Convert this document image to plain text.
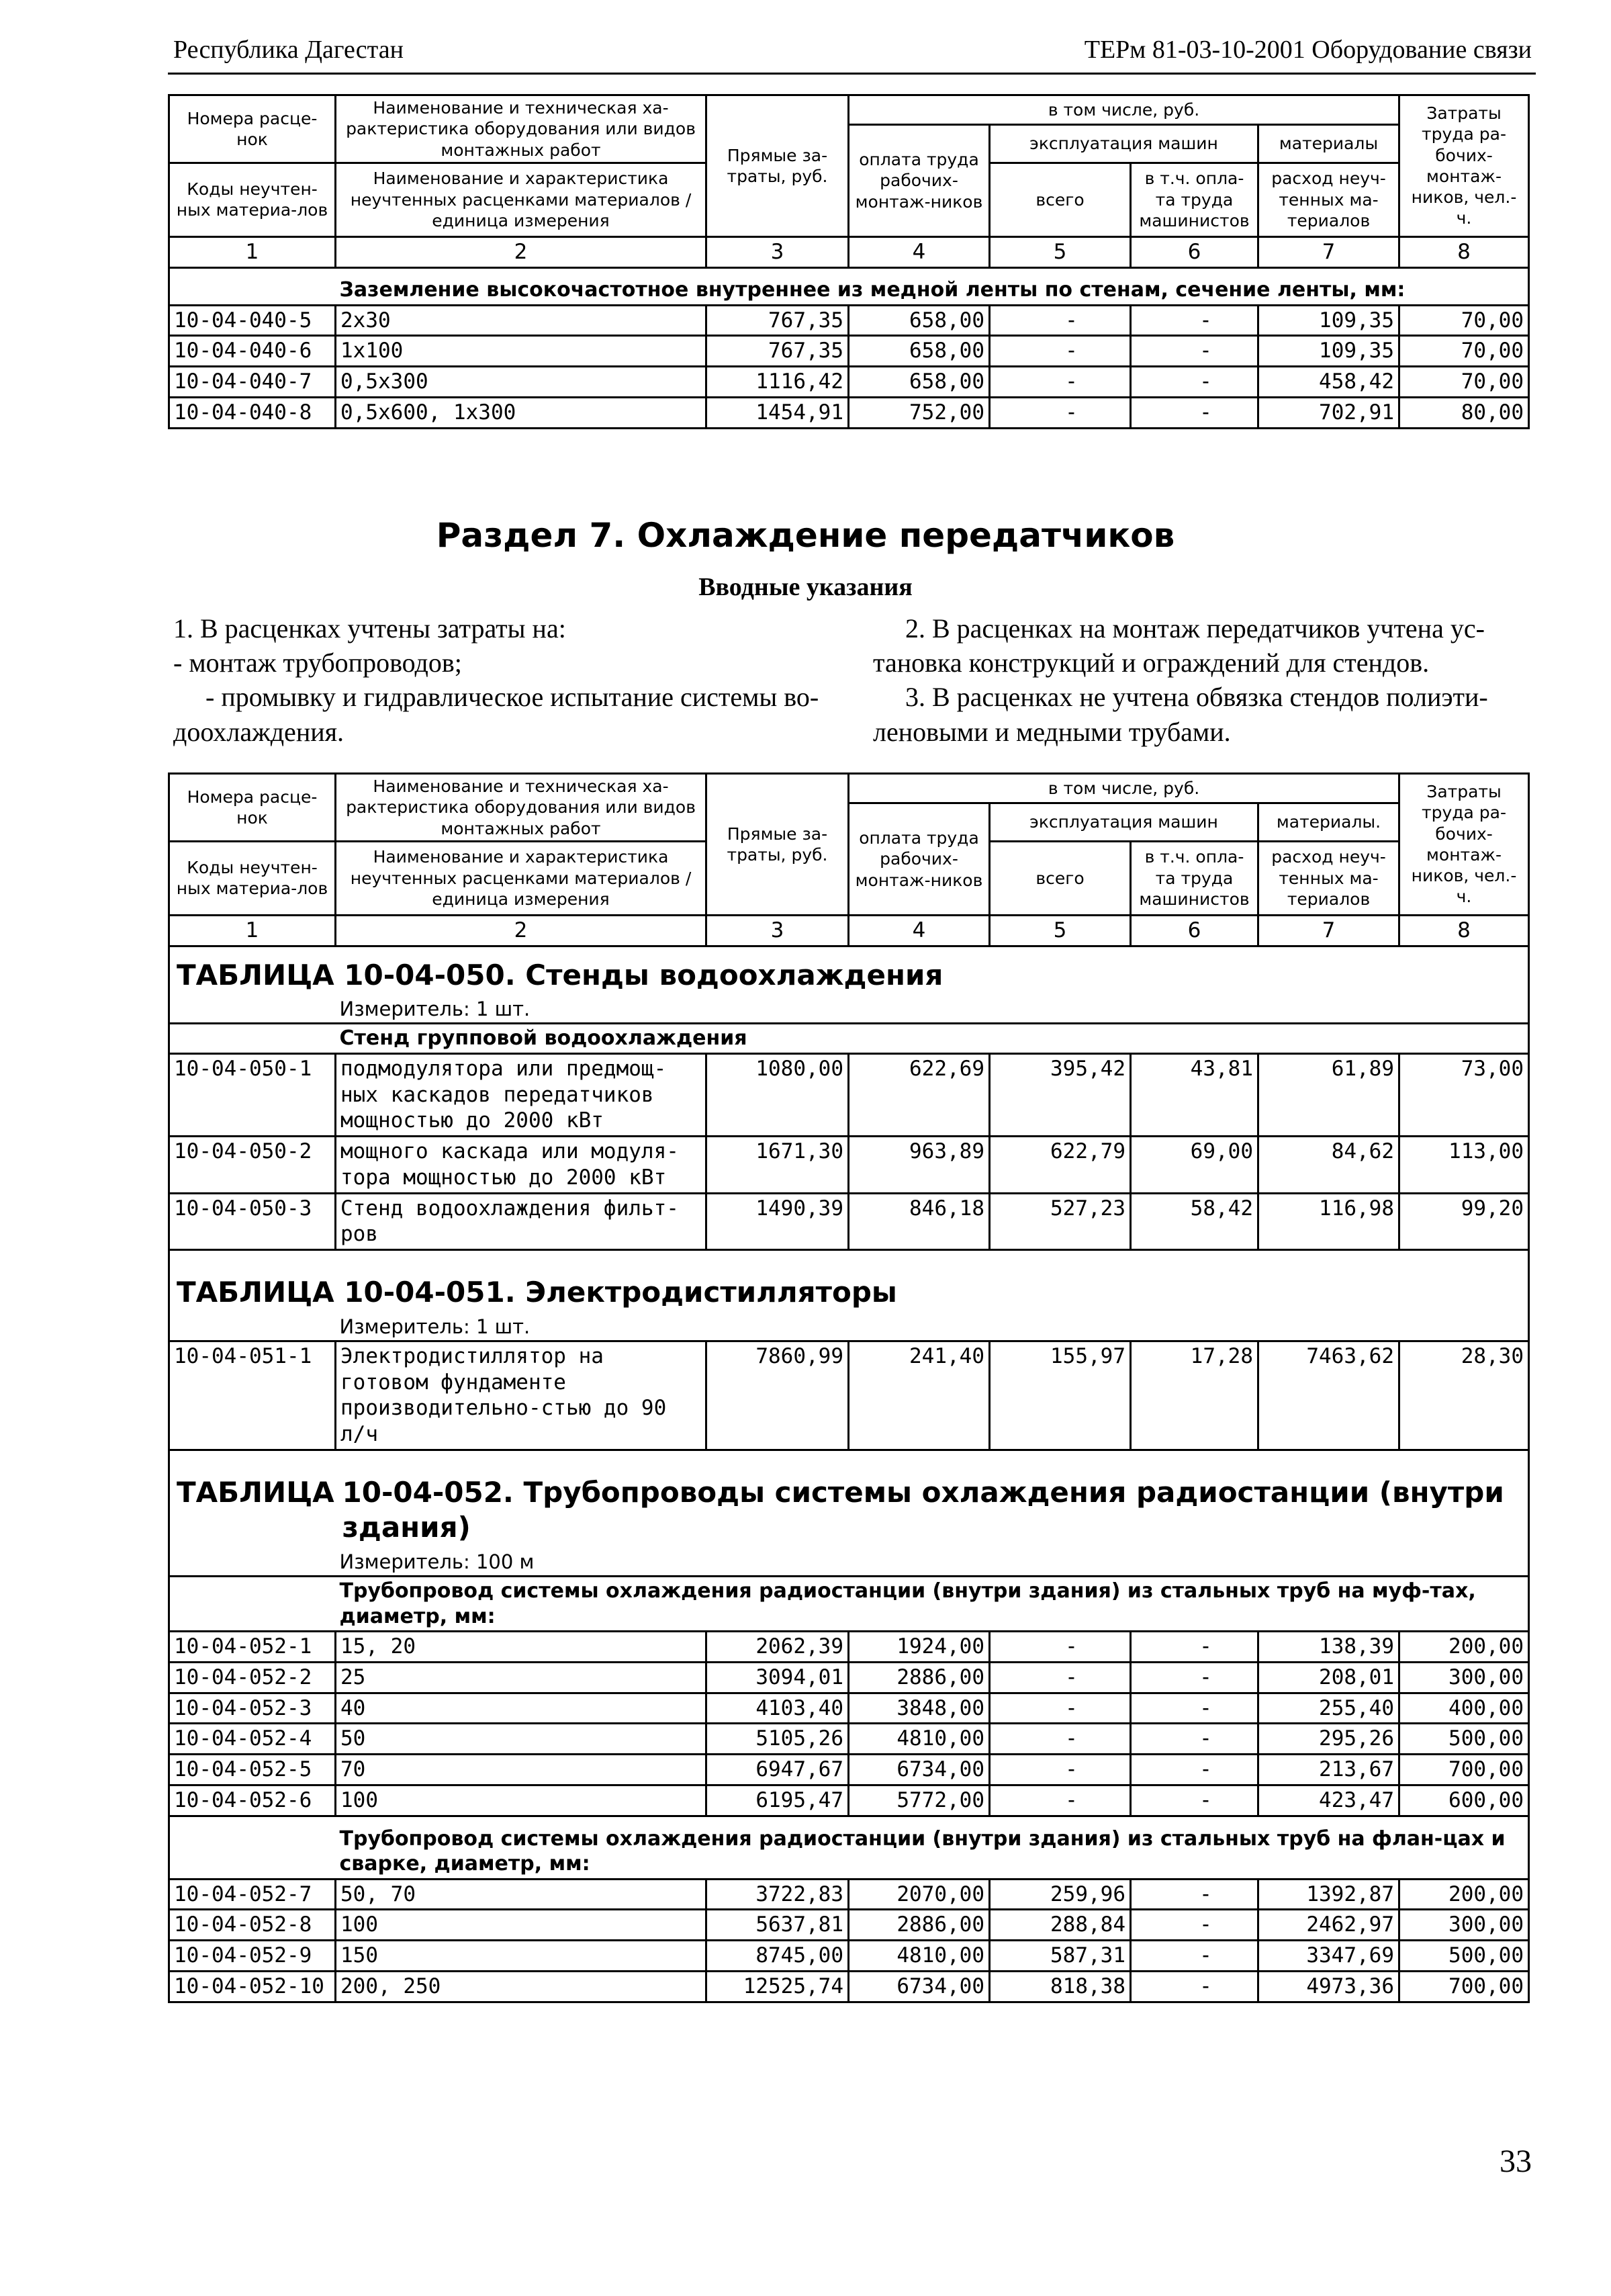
Республика Дагестан	ТЕРм 81-03-10-2001 Оборудование связи
Номера расце-нок	Наименование и техническая ха-рактеристика оборудования или видов монтажных работ	Прямые за-траты, руб.	в том числе, руб.				Затраты труда ра-бочих-монтаж-ников, чел.-ч.
			оплата труда рабочих-монтаж-ников	эксплуатация машин		материалы	
Коды неучтен-ных материа-лов	Наименование и характеристика неучтенных расценками материалов / единица измерения			всего	в т.ч. опла-та труда машинистов	расход неуч-тенных ма-териалов	

1	2	3	4	5	6	7	8
	Заземление высокочастотное внутреннее из медной ленты по стенам, сечение ленты, мм:						
10-04-040-5	2х30	767,35	658,00	-	-	109,35	70,00
10-04-040-6	1х100	767,35	658,00	-	-	109,35	70,00
10-04-040-7	0,5х300	1116,42	658,00	-	-	458,42	70,00
10-04-040-8	0,5х600, 1х300	1454,91	752,00	-	-	702,91	80,00
Раздел 7. Охлаждение передатчиков
Вводные указания

1. В расценках учтены затраты на:

- монтаж трубопроводов;

- промывку и гидравлическое испытание системы во-доохлаждения.

2. В расценках на монтаж передатчиков учтена ус-тановка конструкций и ограждений для стендов.

3. В расценках не учтена обвязка стендов полиэти-леновыми и медными трубами.

Номера расце-нок	Наименование и техническая ха-рактеристика оборудования или видов монтажных работ	Прямые за-траты, руб.	в том числе, руб.				Затраты труда ра-бочих-монтаж-ников, чел.-ч.
			оплата труда рабочих-монтаж-ников	эксплуатация машин		материалы.	
Коды неучтен-ных материа-лов	Наименование и характеристика неучтенных расценками материалов / единица измерения			всего	в т.ч. опла-та труда машинистов	расход неуч-тенных ма-териалов	

1	2	3	4	5	6	7	8
ТАБЛИЦА 10-04-050. Стенды водоохлаждения							
	Измеритель: 1 шт.						
	Стенд групповой водоохлаждения						
10-04-050-1	подмодулятора или предмощ-ных каскадов передатчиков мощностью до 2000 кВт	1080,00	622,69	395,42	43,81	61,89	73,00
10-04-050-2	мощного каскада или модуля-тора мощностью до 2000 кВт	1671,30	963,89	622,79	69,00	84,62	113,00
10-04-050-3	Стенд водоохлаждения фильт-ров	1490,39	846,18	527,23	58,42	116,98	99,20
ТАБЛИЦА 10-04-051. Электродистилляторы							
	Измеритель: 1 шт.						
10-04-051-1	Электродистиллятор на готовом фундаменте производительно-стью до 90 л/ч	7860,99	241,40	155,97	17,28	7463,62	28,30
ТАБЛИЦА	10-04-052. Трубопроводы системы охлаждения радиостанции (внутри здания)						
	Измеритель: 100 м						
	Трубопровод системы охлаждения радиостанции (внутри здания) из стальных труб на муф-тах, диаметр, мм:						
10-04-052-1	15, 20	2062,39	1924,00	-	-	138,39	200,00
10-04-052-2	25	3094,01	2886,00	-	-	208,01	300,00
10-04-052-3	40	4103,40	3848,00	-	-	255,40	400,00
10-04-052-4	50	5105,26	4810,00	-	-	295,26	500,00
10-04-052-5	70	6947,67	6734,00	-	-	213,67	700,00
10-04-052-6	100	6195,47	5772,00	-	-	423,47	600,00
	Трубопровод системы охлаждения радиостанции (внутри здания) из стальных труб на флан-цах и сварке, диаметр, мм:						
10-04-052-7	50, 70	3722,83	2070,00	259,96	-	1392,87	200,00
10-04-052-8	100	5637,81	2886,00	288,84	-	2462,97	300,00
10-04-052-9	150	8745,00	4810,00	587,31	-	3347,69	500,00
10-04-052-10	200, 250	12525,74	6734,00	818,38	-	4973,36	700,00
33
